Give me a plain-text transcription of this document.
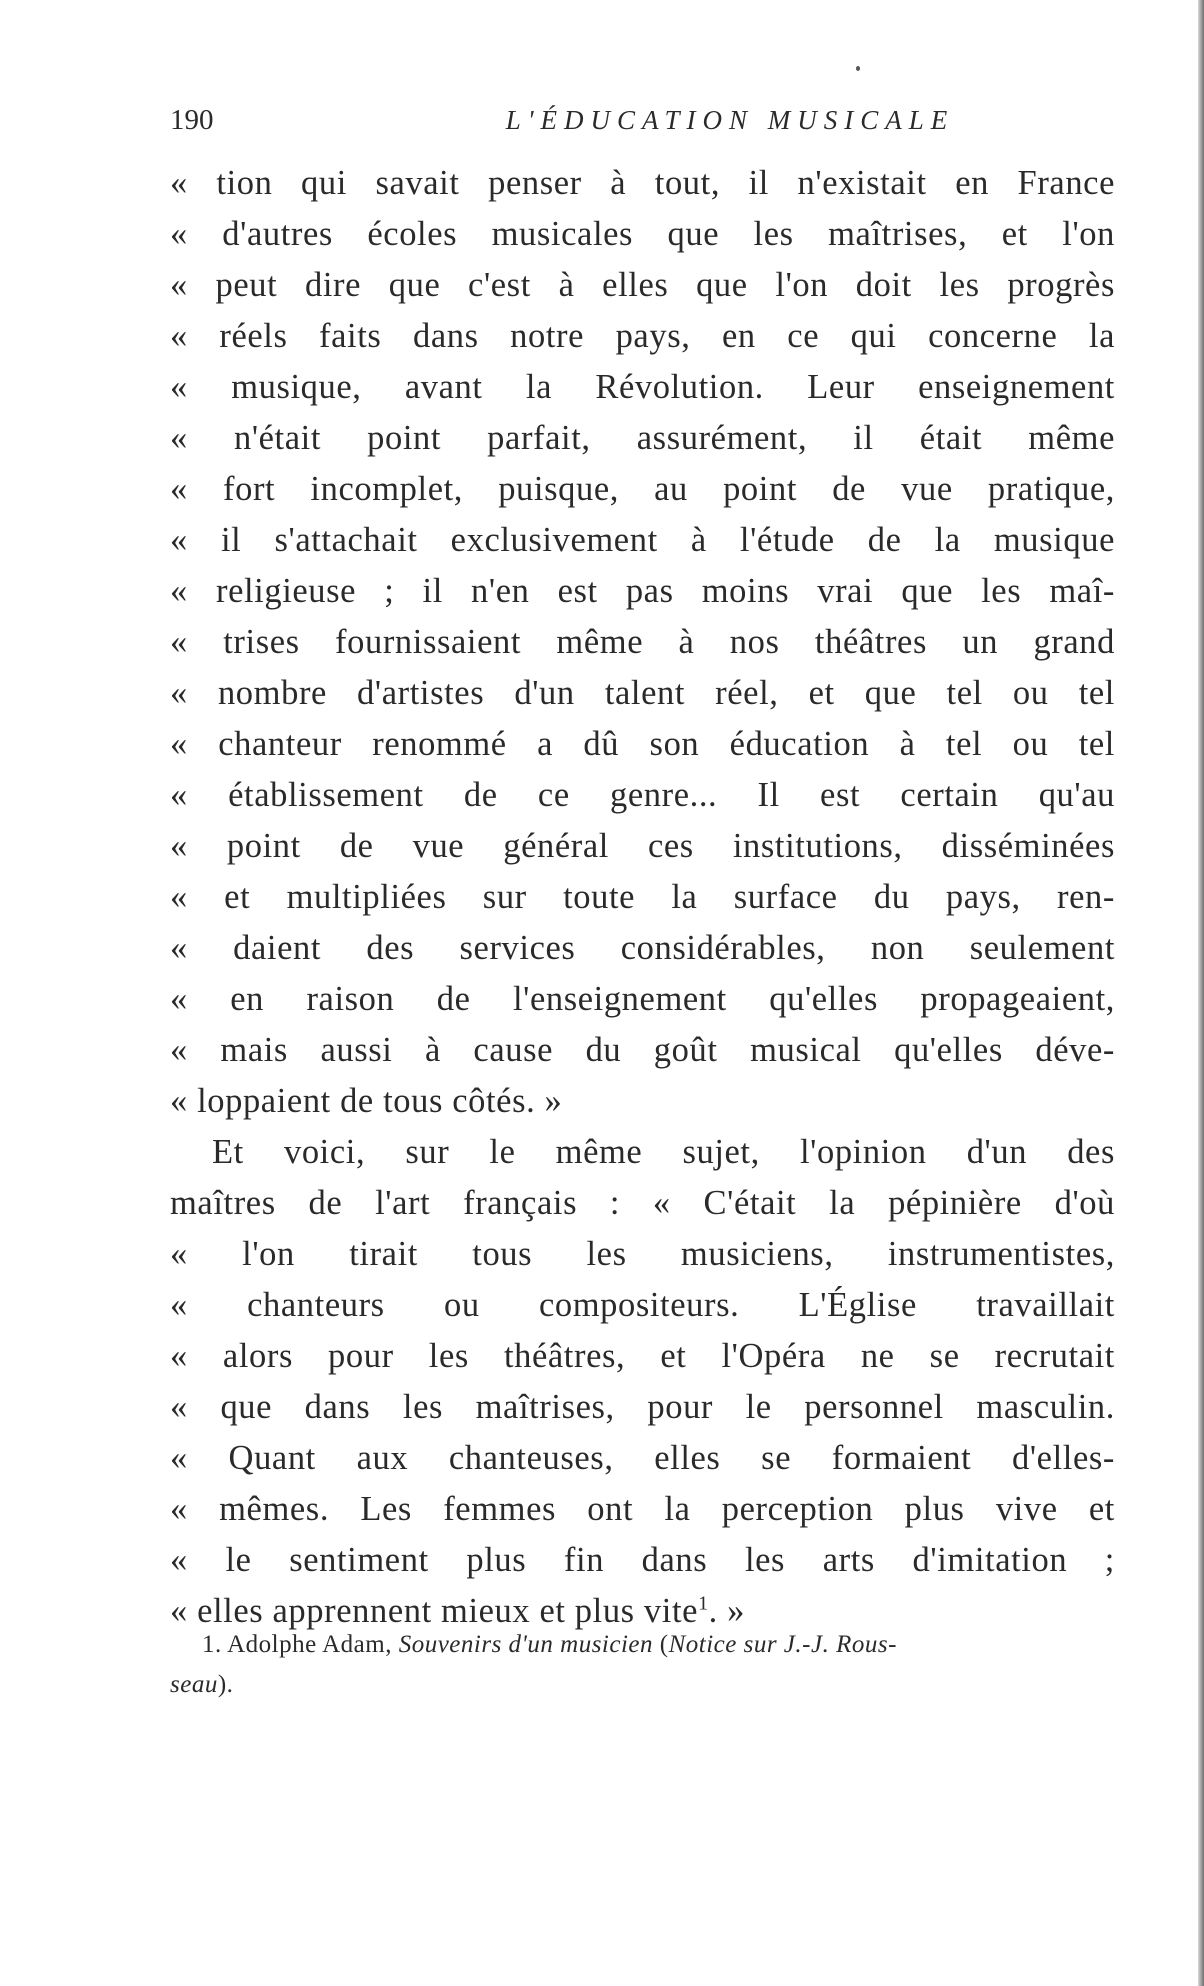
190	L'ÉDUCATION MUSICALE
« tion qui savait penser à tout, il n'existait en France
« d'autres écoles musicales que les maîtrises, et l'on
« peut dire que c'est à elles que l'on doit les progrès
« réels faits dans notre pays, en ce qui concerne la
« musique, avant la Révolution. Leur enseignement
« n'était point parfait, assurément, il était même
« fort incomplet, puisque, au point de vue pratique,
« il s'attachait exclusivement à l'étude de la musique
« religieuse ; il n'en est pas moins vrai que les maî-
« trises fournissaient même à nos théâtres un grand
« nombre d'artistes d'un talent réel, et que tel ou tel
« chanteur renommé a dû son éducation à tel ou tel
« établissement de ce genre... Il est certain qu'au
« point de vue général ces institutions, disséminées
« et multipliées sur toute la surface du pays, ren-
« daient des services considérables, non seulement
« en raison de l'enseignement qu'elles propageaient,
« mais aussi à cause du goût musical qu'elles déve-
« loppaient de tous côtés. »
Et voici, sur le même sujet, l'opinion d'un des
maîtres de l'art français : « C'était la pépinière d'où
« l'on tirait tous les musiciens, instrumentistes,
« chanteurs ou compositeurs. L'Église travaillait
« alors pour les théâtres, et l'Opéra ne se recrutait
« que dans les maîtrises, pour le personnel masculin.
« Quant aux chanteuses, elles se formaient d'elles-
« mêmes. Les femmes ont la perception plus vive et
« le sentiment plus fin dans les arts d'imitation ;
« elles apprennent mieux et plus vite$^1$. »
1. Adolphe Adam, Souvenirs d'un musicien (Notice sur J.-J. Rous-
seau).
